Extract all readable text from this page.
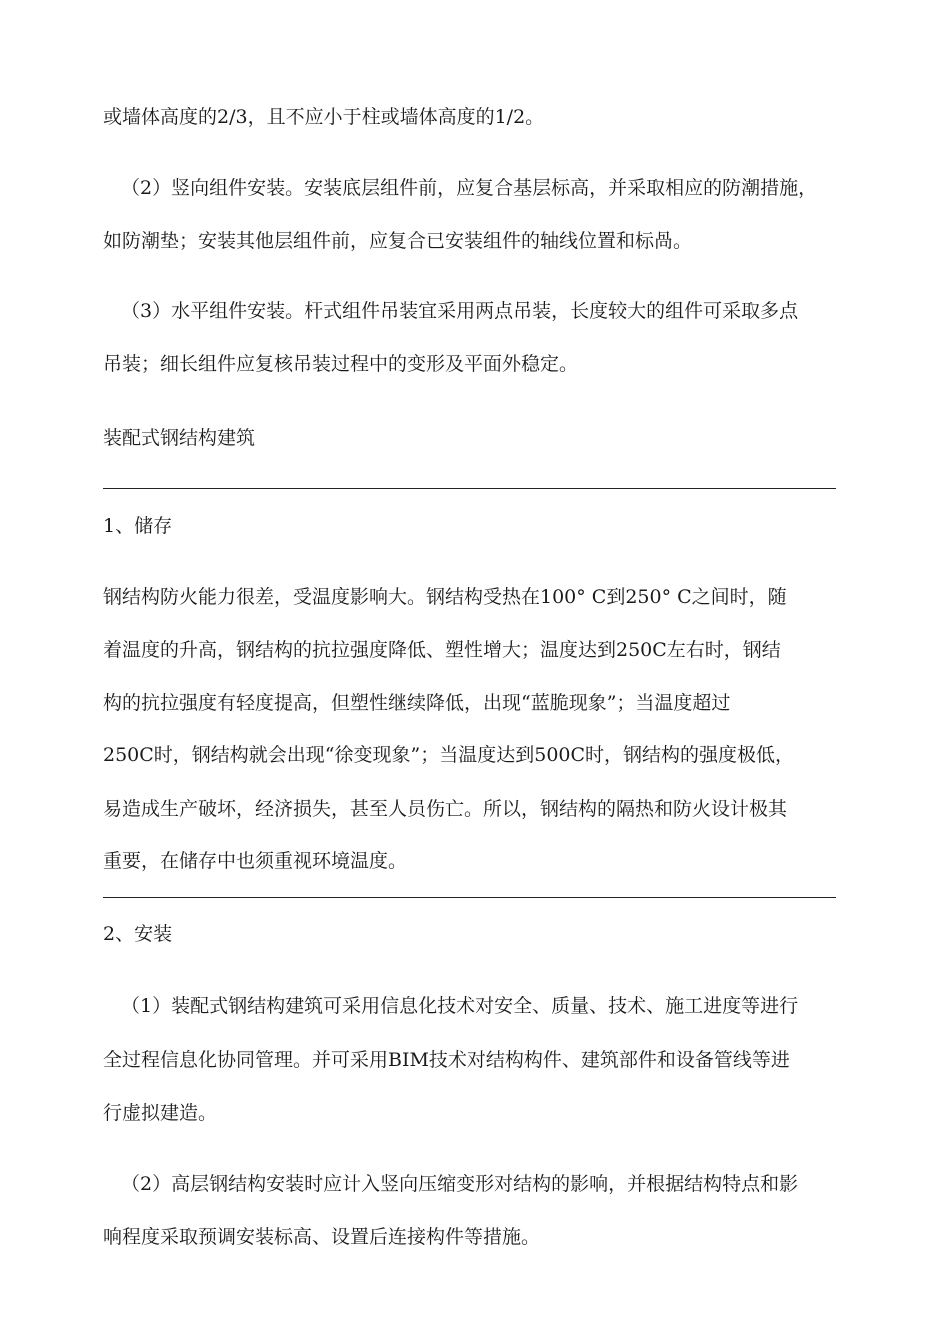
或墙体高度的2/3，且不应小于柱或墙体高度的1/2。
（2）竖向组件安装。安装底层组件前，应复合基层标高，并采取相应的防潮措施，
如防潮垫；安装其他层组件前，应复合已安装组件的轴线位置和标咼。
（3）水平组件安装。杆式组件吊装宜采用两点吊装，长度较大的组件可采取多点
吊装；细长组件应复核吊装过程中的变形及平面外稳定。
装配式钢结构建筑
1、储存
钢结构防火能力很差，受温度影响大。钢结构受热在100° C到250° C之间时，随
着温度的升高，钢结构的抗拉强度降低、塑性增大；温度达到250C左右时，钢结
构的抗拉强度有轻度提高，但塑性继续降低，出现“蓝脆现象”；当温度超过
250C时，钢结构就会出现“徐变现象”；当温度达到500C时，钢结构的强度极低，
易造成生产破坏，经济损失，甚至人员伤亡。所以，钢结构的隔热和防火设计极其
重要，在储存中也须重视环境温度。
2、安装
（1）装配式钢结构建筑可采用信息化技术对安全、质量、技术、施工进度等进行
全过程信息化协同管理。并可采用BIM技术对结构构件、建筑部件和设备管线等进
行虚拟建造。
（2）高层钢结构安装时应计入竖向压缩变形对结构的影响，并根据结构特点和影
响程度采取预调安装标高、设置后连接构件等措施。
